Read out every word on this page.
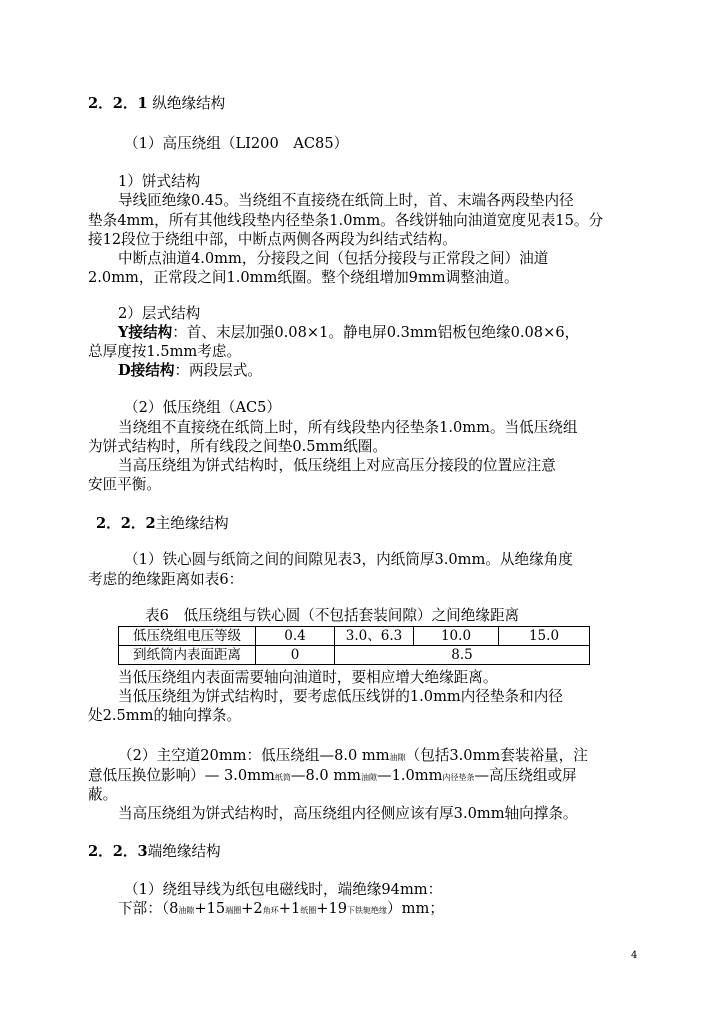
2．2．1 纵绝缘结构
（1）高压绕组（LI200　AC85）
1）饼式结构
导线匝绝缘0.45。当绕组不直接绕在纸筒上时，首、末端各两段垫内径
垫条4mm，所有其他线段垫内径垫条1.0mm。各线饼轴向油道宽度见表15。分
接12段位于绕组中部，中断点两侧各两段为纠结式结构。
中断点油道4.0mm，分接段之间（包括分接段与正常段之间）油道
2.0mm，正常段之间1.0mm纸圈。整个绕组增加9mm调整油道。
2）层式结构
Y接结构：首、末层加强0.08×1。静电屏0.3mm铝板包绝缘0.08×6，
总厚度按1.5mm考虑。
D接结构：两段层式。
（2）低压绕组（AC5）
当绕组不直接绕在纸筒上时，所有线段垫内径垫条1.0mm。当低压绕组
为饼式结构时，所有线段之间垫0.5mm纸圈。
当高压绕组为饼式结构时，低压绕组上对应高压分接段的位置应注意
安匝平衡。
2．2．2主绝缘结构
（1）铁心圆与纸筒之间的间隙见表3，内纸筒厚3.0mm。从绝缘角度
考虑的绝缘距离如表6：
表6　低压绕组与铁心圆（不包括套装间隙）之间绝缘距离
低压绕组电压等级	0.4	3.0、6.3	10.0	15.0
到纸筒内表面距离	0	8.5		
当低压绕组内表面需要轴向油道时，要相应增大绝缘距离。
当低压绕组为饼式结构时，要考虑低压线饼的1.0mm内径垫条和内径
处2.5mm的轴向撑条。
（2）主空道20mm：低压绕组—8.0 mm油隙（包括3.0mm套装裕量，注
意低压换位影响）— 3.0mm纸筒—8.0 mm油隙—1.0mm内径垫条—高压绕组或屏
蔽。
当高压绕组为饼式结构时，高压绕组内径侧应该有厚3.0mm轴向撑条。
2．2．3端绝缘结构
（1）绕组导线为纸包电磁线时，端绝缘94mm：
下部：（8油隙+15端圈+2角环+1纸圈+19下铁轭绝缘）mm；
4
